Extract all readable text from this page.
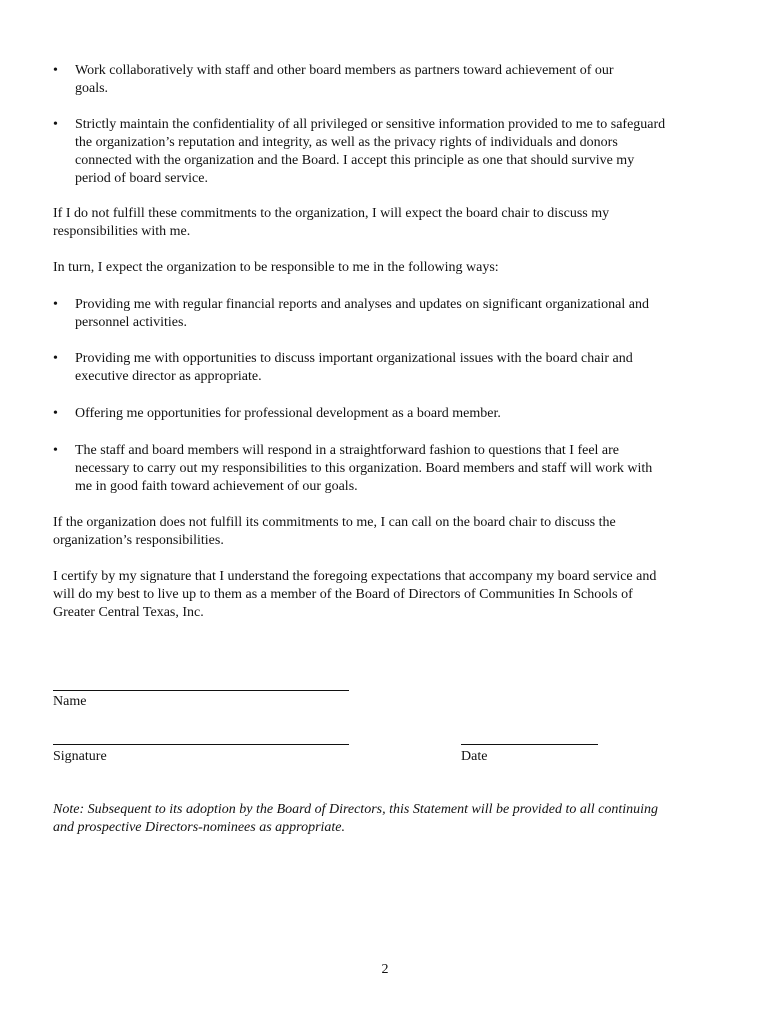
•	Work collaboratively with staff and other board members as partners toward achievement of our
goals.
•	Strictly maintain the confidentiality of all privileged or sensitive information provided to me to safeguard
the organization’s reputation and integrity, as well as the privacy rights of individuals and donors
connected with the organization and the Board. I accept this principle as one that should survive my
period of board service.

If I do not fulfill these commitments to the organization, I will expect the board chair to discuss my
responsibilities with me.

In turn, I expect the organization to be responsible to me in the following ways:

•	Providing me with regular financial reports and analyses and updates on significant organizational and
personnel activities.
•	Providing me with opportunities to discuss important organizational issues with the board chair and
executive director as appropriate.
•	Offering me opportunities for professional development as a board member.
•	The staff and board members will respond in a straightforward fashion to questions that I feel are
necessary to carry out my responsibilities to this organization. Board members and staff will work with
me in good faith toward achievement of our goals.

If the organization does not fulfill its commitments to me, I can call on the board chair to discuss the
organization’s responsibilities.

I certify by my signature that I understand the foregoing expectations that accompany my board service and
will do my best to live up to them as a member of the Board of Directors of Communities In Schools of
Greater Central Texas, Inc.

Name
Signature	Date

Note: Subsequent to its adoption by the Board of Directors, this Statement will be provided to all continuing
and prospective Directors-nominees as appropriate.

2
